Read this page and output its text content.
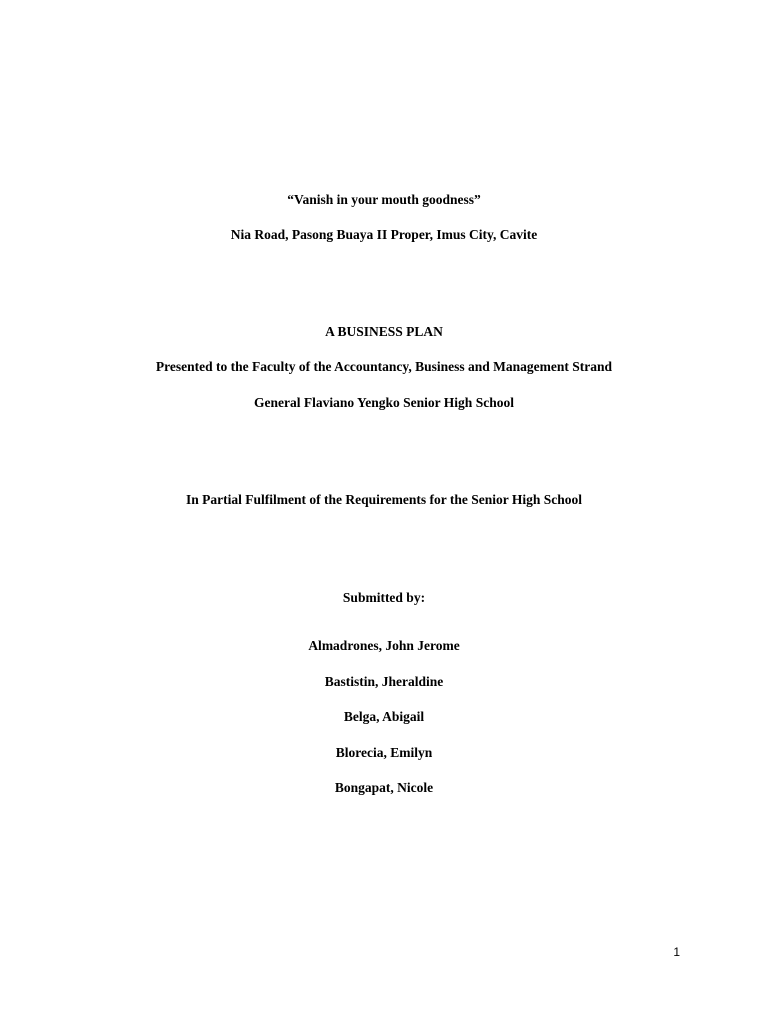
“Vanish in your mouth goodness”
Nia Road, Pasong Buaya II Proper, Imus City, Cavite
A BUSINESS PLAN
Presented to the Faculty of the Accountancy, Business and Management Strand
General Flaviano Yengko Senior High School
In Partial Fulfilment of the Requirements for the Senior High School
Submitted by:
Almadrones, John Jerome
Bastistin, Jheraldine
Belga, Abigail
Blorecia, Emilyn
Bongapat, Nicole
1
